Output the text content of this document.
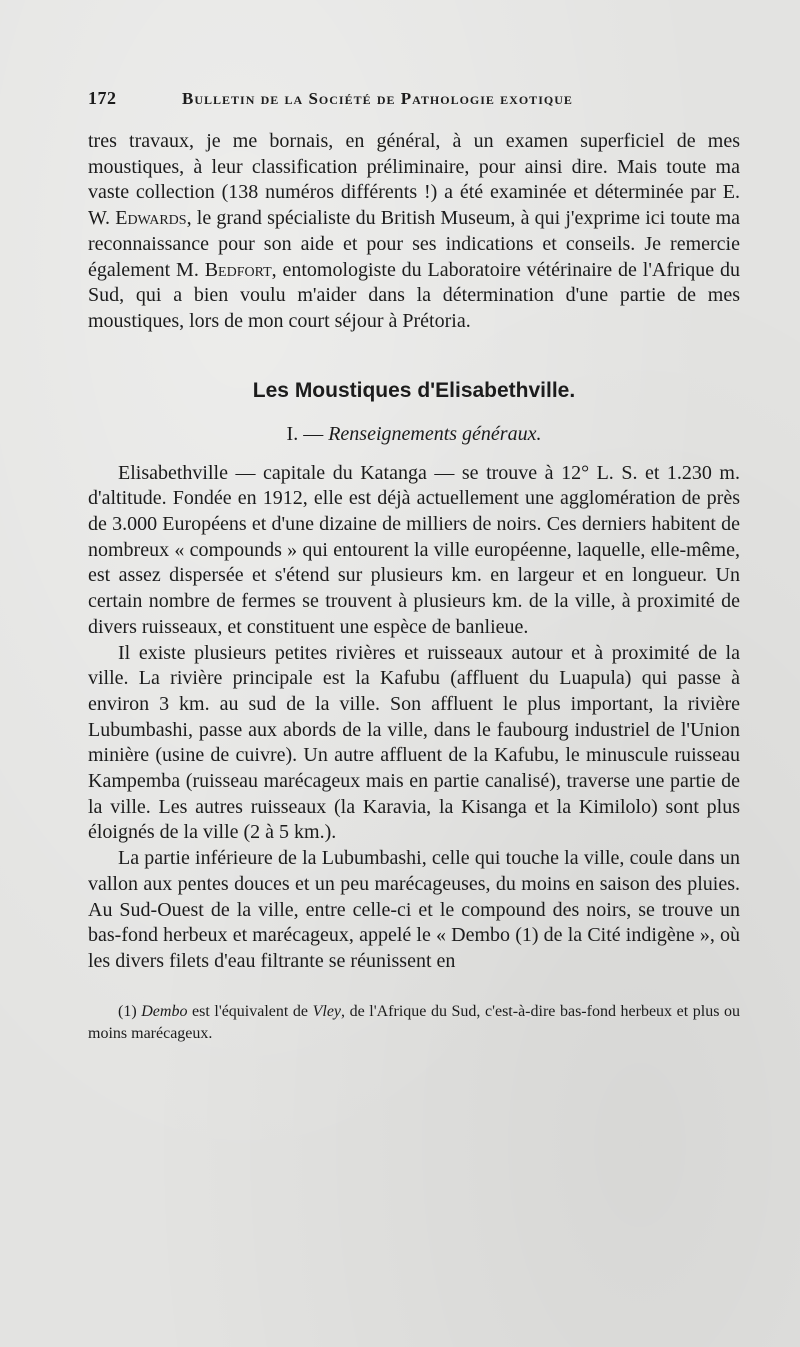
172	Bulletin de la Société de Pathologie exotique

tres travaux, je me bornais, en général, à un examen superficiel de mes moustiques, à leur classification préliminaire, pour ainsi dire. Mais toute ma vaste collection (138 numéros différents !) a été examinée et déterminée par E. W. Edwards, le grand spécialiste du British Museum, à qui j'exprime ici toute ma reconnaissance pour son aide et pour ses indications et conseils. Je remercie également M. Bedfort, entomologiste du Laboratoire vétérinaire de l'Afrique du Sud, qui a bien voulu m'aider dans la détermination d'une partie de mes moustiques, lors de mon court séjour à Prétoria.

Les Moustiques d'Elisabethville.
I. — Renseignements généraux.

Elisabethville — capitale du Katanga — se trouve à 12° L. S. et 1.230 m. d'altitude. Fondée en 1912, elle est déjà actuellement une agglomération de près de 3.000 Européens et d'une dizaine de milliers de noirs. Ces derniers habitent de nombreux « compounds » qui entourent la ville européenne, laquelle, elle-même, est assez dispersée et s'étend sur plusieurs km. en largeur et en longueur. Un certain nombre de fermes se trouvent à plusieurs km. de la ville, à proximité de divers ruisseaux, et constituent une espèce de banlieue.

Il existe plusieurs petites rivières et ruisseaux autour et à proximité de la ville. La rivière principale est la Kafubu (affluent du Luapula) qui passe à environ 3 km. au sud de la ville. Son affluent le plus important, la rivière Lubumbashi, passe aux abords de la ville, dans le faubourg industriel de l'Union minière (usine de cuivre). Un autre affluent de la Kafubu, le minuscule ruisseau Kampemba (ruisseau marécageux mais en partie canalisé), traverse une partie de la ville. Les autres ruisseaux (la Karavia, la Kisanga et la Kimilolo) sont plus éloignés de la ville (2 à 5 km.).

La partie inférieure de la Lubumbashi, celle qui touche la ville, coule dans un vallon aux pentes douces et un peu marécageuses, du moins en saison des pluies. Au Sud-Ouest de la ville, entre celle-ci et le compound des noirs, se trouve un bas-fond herbeux et marécageux, appelé le « Dembo (1) de la Cité indigène », où les divers filets d'eau filtrante se réunissent en

(1) Dembo est l'équivalent de Vley, de l'Afrique du Sud, c'est-à-dire bas-fond herbeux et plus ou moins marécageux.
